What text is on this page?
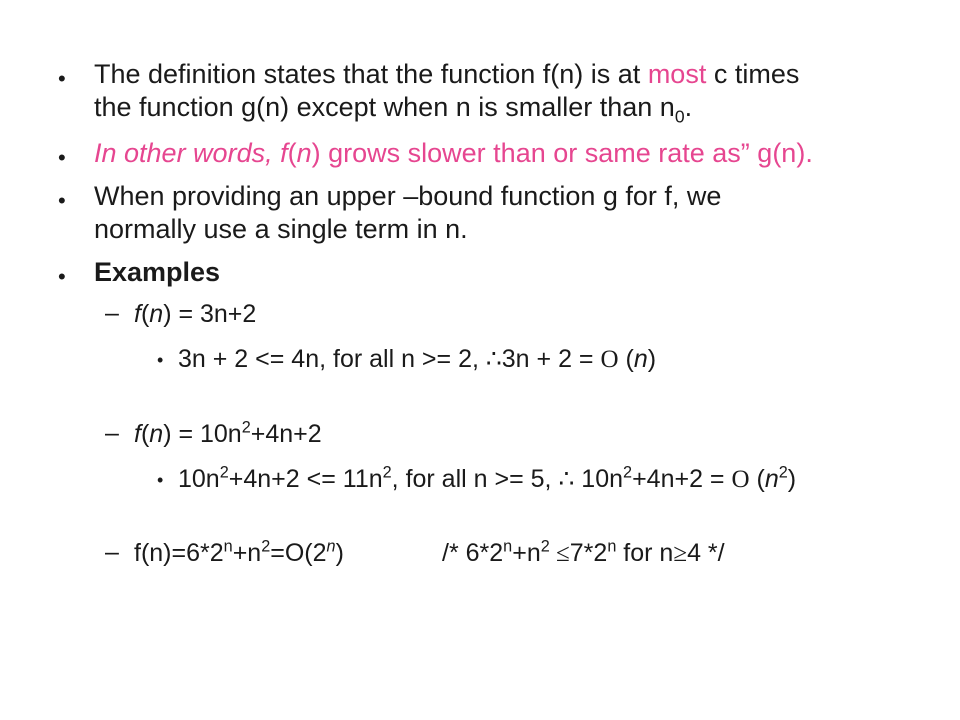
• The definition states that the function f(n) is at most c times
the function g(n) except when n is smaller than $n_0$.
• In other words, f(n) grows slower than or same rate as” g(n).
• When providing an upper –bound function g for f, we
normally use a single term in n.
• Examples
– f(n) = 3n+2
• 3n + 2 <= 4n, for all n >= 2, ∴3n + 2 = O (n)
– $f(n) = 10n^2+4n+2$
• $10n^2+4n+2 <= 11n^2$, for all n >= 5, ∴ $10n^2+4n+2 = O$ $(n^2)$
– $f(n)=6*2^n+n^2=O(2^n)$	/* $6*2^n+n^2 \le 7*2^n$ for n≥4 */
